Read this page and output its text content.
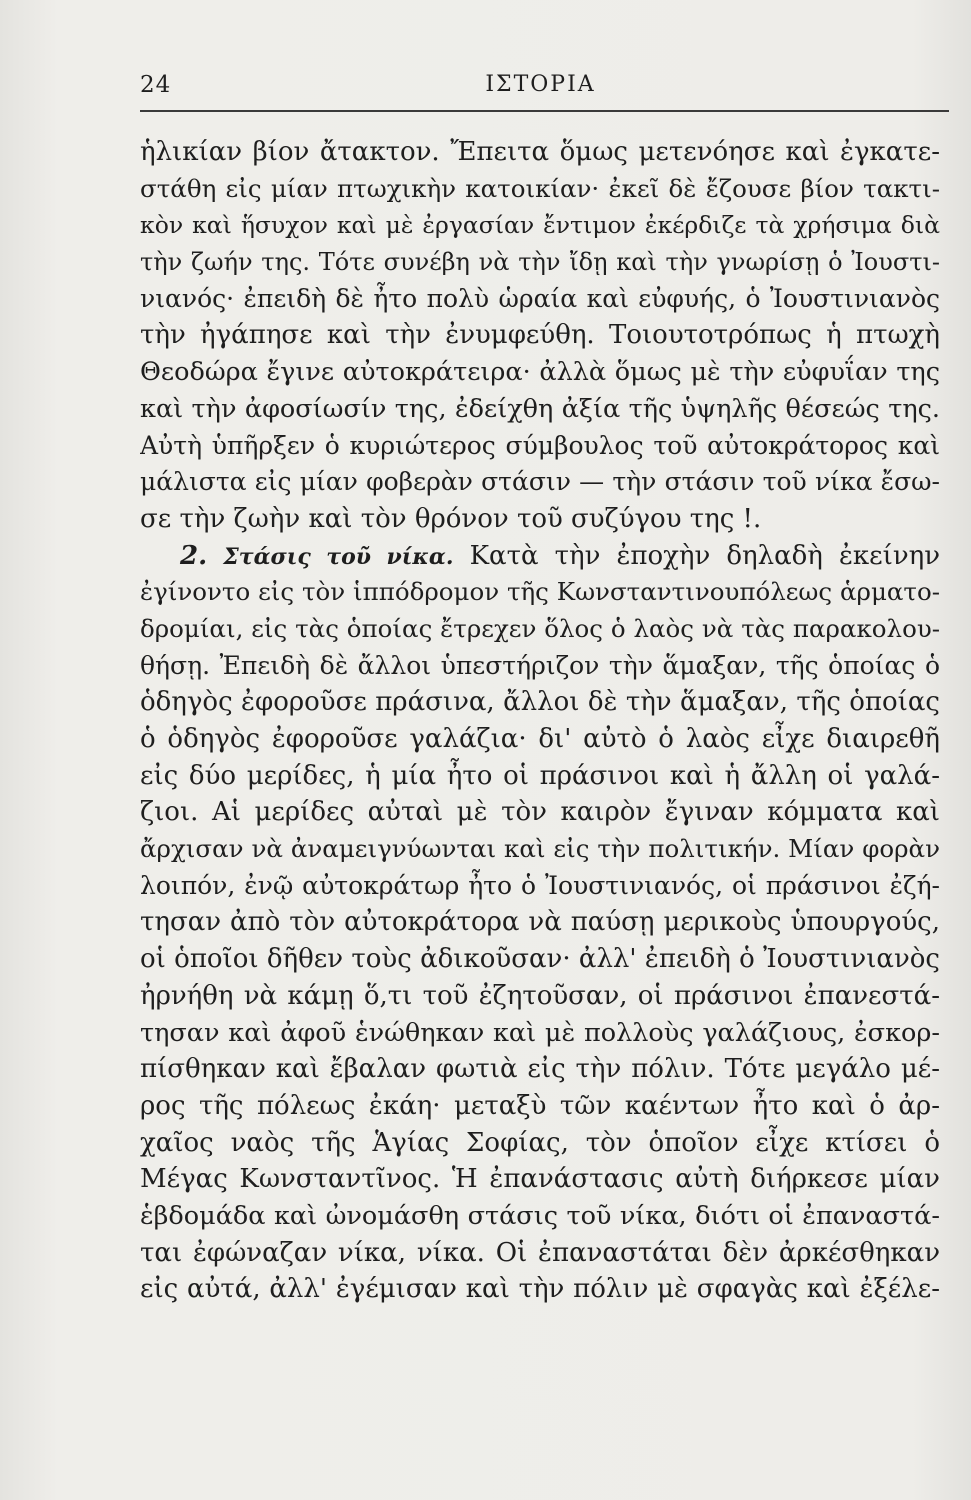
24	ΙΣΤΟΡΙΑ
ἡλικίαν βίον ἄτακτον. Ἔπειτα ὅμως μετενόησε καὶ ἐγκατε-
στάθη εἰς μίαν πτωχικὴν κατοικίαν· ἐκεῖ δὲ ἔζουσε βίον τακτι-
κὸν καὶ ἥσυχον καὶ μὲ ἐργασίαν ἔντιμον ἐκέρδιζε τὰ χρήσιμα διὰ
τὴν ζωήν της. Τότε συνέβη νὰ τὴν ἴδῃ καὶ τὴν γνωρίσῃ ὁ Ἰουστι-
νιανός· ἐπειδὴ δὲ ἦτο πολὺ ὡραία καὶ εὐφυής, ὁ Ἰουστινιανὸς
τὴν ἠγάπησε καὶ τὴν ἐνυμφεύθη. Τοιουτοτρόπως ἡ πτωχὴ
Θεοδώρα ἔγινε αὐτοκράτειρα· ἀλλὰ ὅμως μὲ τὴν εὐφυΐαν της
καὶ τὴν ἀφοσίωσίν της, ἐδείχθη ἀξία τῆς ὑψηλῆς θέσεώς της.
Αὐτὴ ὑπῆρξεν ὁ κυριώτερος σύμβουλος τοῦ αὐτοκράτορος καὶ
μάλιστα εἰς μίαν φοβερὰν στάσιν — τὴν στάσιν τοῦ νίκα ἔσω-
σε τὴν ζωὴν καὶ τὸν θρόνον τοῦ συζύγου της !.
2. Στάσις τοῦ νίκα. Κατὰ τὴν ἐποχὴν δηλαδὴ ἐκείνην
ἐγίνοντο εἰς τὸν ἱππόδρομον τῆς Κωνσταντινουπόλεως ἁρματο-
δρομίαι, εἰς τὰς ὁποίας ἔτρεχεν ὅλος ὁ λαὸς νὰ τὰς παρακολου-
θήσῃ. Ἐπειδὴ δὲ ἄλλοι ὑπεστήριζον τὴν ἅμαξαν, τῆς ὁποίας ὁ
ὁδηγὸς ἐφοροῦσε πράσινα, ἄλλοι δὲ τὴν ἅμαξαν, τῆς ὁποίας
ὁ ὁδηγὸς ἐφοροῦσε γαλάζια· δι' αὐτὸ ὁ λαὸς εἶχε διαιρεθῆ
εἰς δύο μερίδες, ἡ μία ἦτο οἱ πράσινοι καὶ ἡ ἄλλη οἱ γαλά-
ζιοι. Αἱ μερίδες αὐταὶ μὲ τὸν καιρὸν ἔγιναν κόμματα καὶ
ἄρχισαν νὰ ἀναμειγνύωνται καὶ εἰς τὴν πολιτικήν. Μίαν φορὰν
λοιπόν, ἐνῷ αὐτοκράτωρ ἦτο ὁ Ἰουστινιανός, οἱ πράσινοι ἐζή-
τησαν ἀπὸ τὸν αὐτοκράτορα νὰ παύσῃ μερικοὺς ὑπουργούς,
οἱ ὁποῖοι δῆθεν τοὺς ἀδικοῦσαν· ἀλλ' ἐπειδὴ ὁ Ἰουστινιανὸς
ἠρνήθη νὰ κάμῃ ὅ,τι τοῦ ἐζητοῦσαν, οἱ πράσινοι ἐπανεστά-
τησαν καὶ ἀφοῦ ἑνώθηκαν καὶ μὲ πολλοὺς γαλάζιους, ἐσκορ-
πίσθηκαν καὶ ἔβαλαν φωτιὰ εἰς τὴν πόλιν. Τότε μεγάλο μέ-
ρος τῆς πόλεως ἐκάη· μεταξὺ τῶν καέντων ἦτο καὶ ὁ ἀρ-
χαῖος ναὸς τῆς Ἁγίας Σοφίας, τὸν ὁποῖον εἶχε κτίσει ὁ
Μέγας Κωνσταντῖνος. Ἡ ἐπανάστασις αὐτὴ διήρκεσε μίαν
ἑβδομάδα καὶ ὠνομάσθη στάσις τοῦ νίκα, διότι οἱ ἐπαναστά-
ται ἐφώναζαν νίκα, νίκα. Οἱ ἐπαναστάται δὲν ἀρκέσθηκαν
εἰς αὐτά, ἀλλ' ἐγέμισαν καὶ τὴν πόλιν μὲ σφαγὰς καὶ ἐξέλε-
